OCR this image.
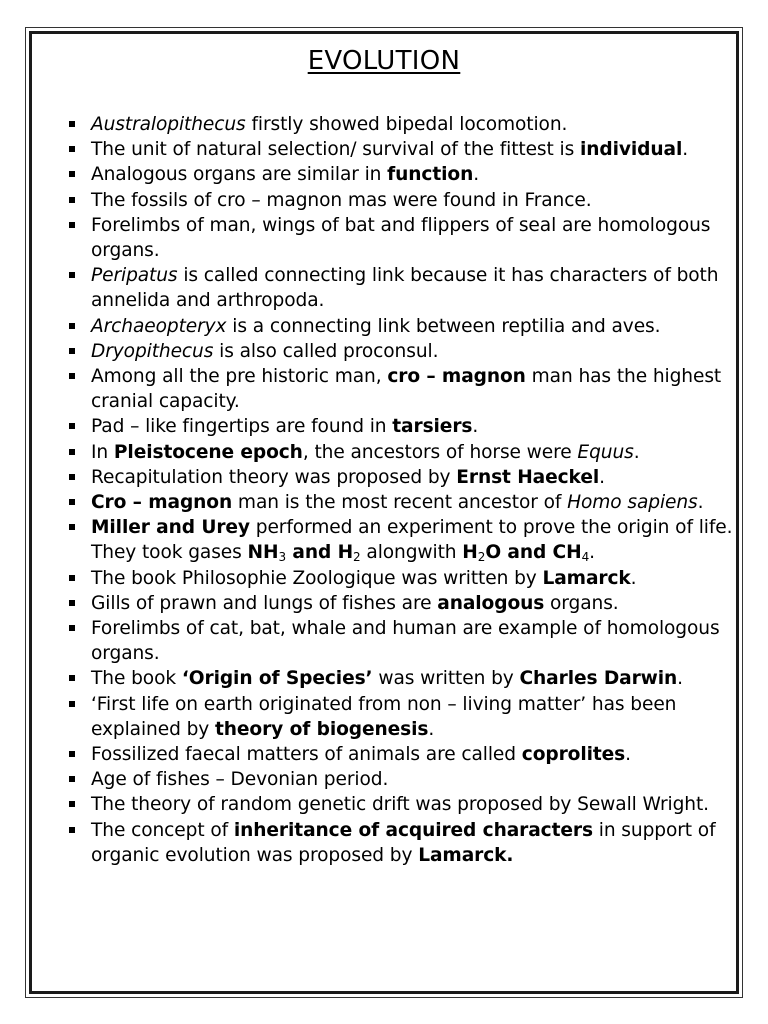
EVOLUTION
Australopithecus firstly showed bipedal locomotion.
The unit of natural selection/ survival of the fittest is individual.
Analogous organs are similar in function.
The fossils of cro – magnon mas were found in France.
Forelimbs of man, wings of bat and flippers of seal are homologous organs.
Peripatus is called connecting link because it has characters of both annelida and arthropoda.
Archaeopteryx is a connecting link between reptilia and aves.
Dryopithecus is also called proconsul.
Among all the pre historic man, cro – magnon man has the highest cranial capacity.
Pad – like fingertips are found in tarsiers.
In Pleistocene epoch, the ancestors of horse were Equus.
Recapitulation theory was proposed by Ernst Haeckel.
Cro – magnon man is the most recent ancestor of Homo sapiens.
Miller and Urey performed an experiment to prove the origin of life. They took gases $NH_3$ and $H_2$ alongwith $H_2O$ and $CH_4$.
The book Philosophie Zoologique was written by Lamarck.
Gills of prawn and lungs of fishes are analogous organs.
Forelimbs of cat, bat, whale and human are example of homologous organs.
The book ‘Origin of Species’ was written by Charles Darwin.
‘First life on earth originated from non – living matter’ has been explained by theory of biogenesis.
Fossilized faecal matters of animals are called coprolites.
Age of fishes – Devonian period.
The theory of random genetic drift was proposed by Sewall Wright.
The concept of inheritance of acquired characters in support of organic evolution was proposed by Lamarck.
